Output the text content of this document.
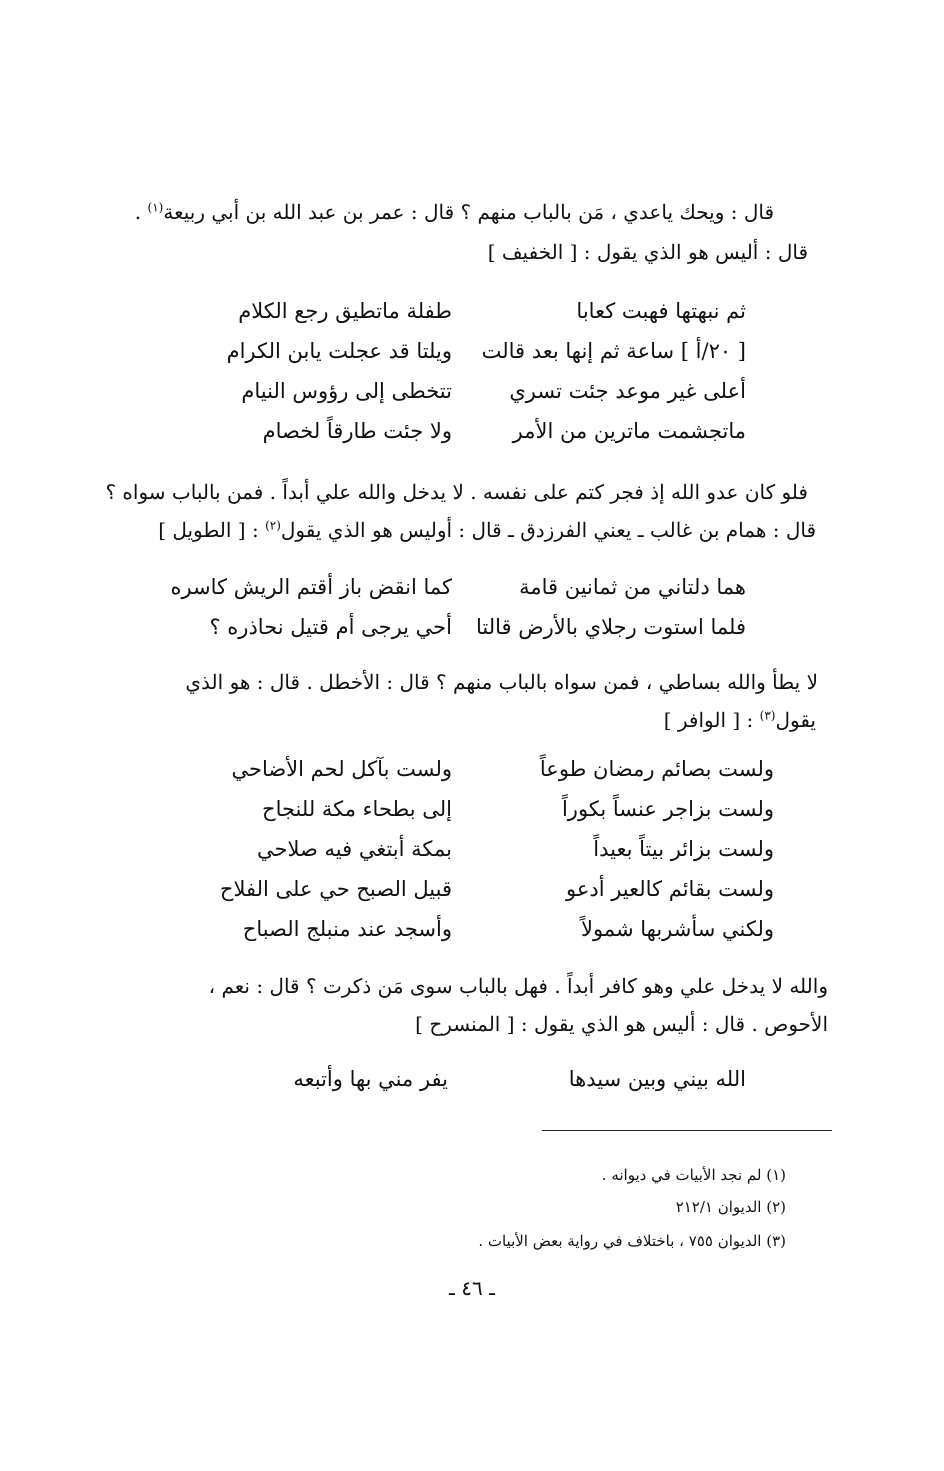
قال : ويحك ياعدي ، مَن بالباب منهم ؟ قال : عمر بن عبد الله بن أبي ربيعة$^{(١)}$ .
قال : أليس هو الذي يقول : [ الخفيف ]
ثم نبهتها فهبت كعابا
طفلة ماتطيق رجع الكلام
[ ٢٠/أ ] ساعة ثم إنها بعد قالت
ويلتا قد عجلت يابن الكرام
أعلى غير موعد جئت تسري
تتخطى إلى رؤوس النيام
ماتجشمت ماترين من الأمر
ولا جئت طارقاً لخصام
فلو كان عدو الله إذ فجر كتم على نفسه . لا يدخل والله علي أبداً . فمن بالباب سواه ؟
قال : همام بن غالب ـ يعني الفرزدق ـ قال : أوليس هو الذي يقول$^{(٢)}$ : [ الطويل ]
هما دلتاني من ثمانين قامة
كما انقض باز أقتم الريش كاسره
فلما استوت رجلاي بالأرض قالتا
أحي يرجى أم قتيل نحاذره ؟
لا يطأ والله بساطي ، فمن سواه بالباب منهم ؟ قال : الأخطل . قال : هو الذي
يقول$^{(٣)}$ : [ الوافر ]
ولست بصائم رمضان طوعاً
ولست بآكل لحم الأضاحي
ولست بزاجر عنساً بكوراً
إلى بطحاء مكة للنجاح
ولست بزائر بيتاً بعيداً
بمكة أبتغي فيه صلاحي
ولست بقائم كالعير أدعو
قبيل الصبح حي على الفلاح
ولكني سأشربها شمولاً
وأسجد عند منبلج الصباح
والله لا يدخل علي وهو كافر أبداً . فهل بالباب سوى مَن ذكرت ؟ قال : نعم ،
الأحوص . قال : أليس هو الذي يقول : [ المنسرح ]
الله بيني وبين سيدها
يفر مني بها وأتبعه
(١) لم نجد الأبيات في ديوانه .
(٢) الديوان ٢١٢/١
(٣) الديوان ٧٥٥ ، باختلاف في رواية بعض الأبيات .
ـ ٤٦ ـ
